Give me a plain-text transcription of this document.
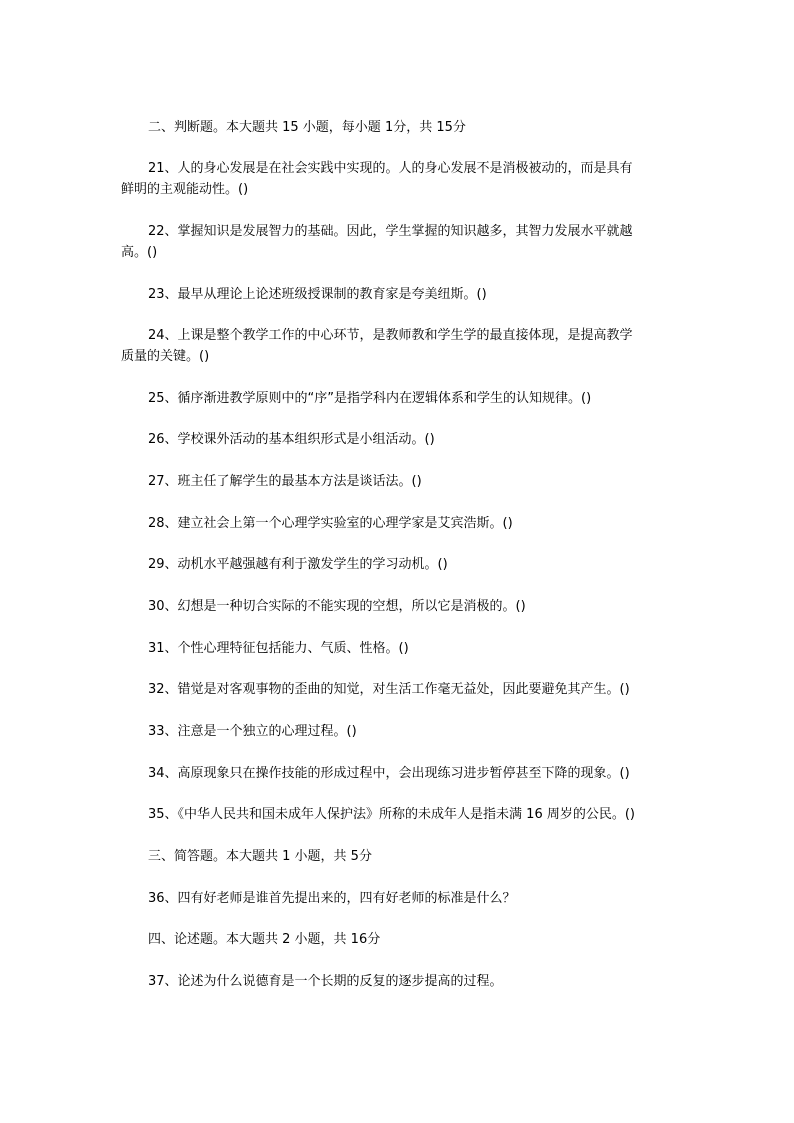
二、判断题。本大题共 15 小题，每小题 1分，共 15分
21、人的身心发展是在社会实践中实现的。人的身心发展不是消极被动的，而是具有
鲜明的主观能动性。()
22、掌握知识是发展智力的基础。因此，学生掌握的知识越多，其智力发展水平就越
高。()
23、最早从理论上论述班级授课制的教育家是夸美纽斯。()
24、上课是整个教学工作的中心环节，是教师教和学生学的最直接体现，是提高教学
质量的关键。()
25、循序渐进教学原则中的“序”是指学科内在逻辑体系和学生的认知规律。()
26、学校课外活动的基本组织形式是小组活动。()
27、班主任了解学生的最基本方法是谈话法。()
28、建立社会上第一个心理学实验室的心理学家是艾宾浩斯。()
29、动机水平越强越有利于激发学生的学习动机。()
30、幻想是一种切合实际的不能实现的空想，所以它是消极的。()
31、个性心理特征包括能力、气质、性格。()
32、错觉是对客观事物的歪曲的知觉，对生活工作毫无益处，因此要避免其产生。()
33、注意是一个独立的心理过程。()
34、高原现象只在操作技能的形成过程中，会出现练习进步暂停甚至下降的现象。()
35、《中华人民共和国未成年人保护法》所称的未成年人是指未满 16 周岁的公民。()
三、简答题。本大题共 1 小题，共 5分
36、四有好老师是谁首先提出来的，四有好老师的标准是什么？
四、论述题。本大题共 2 小题，共 16分
37、论述为什么说德育是一个长期的反复的逐步提高的过程。
